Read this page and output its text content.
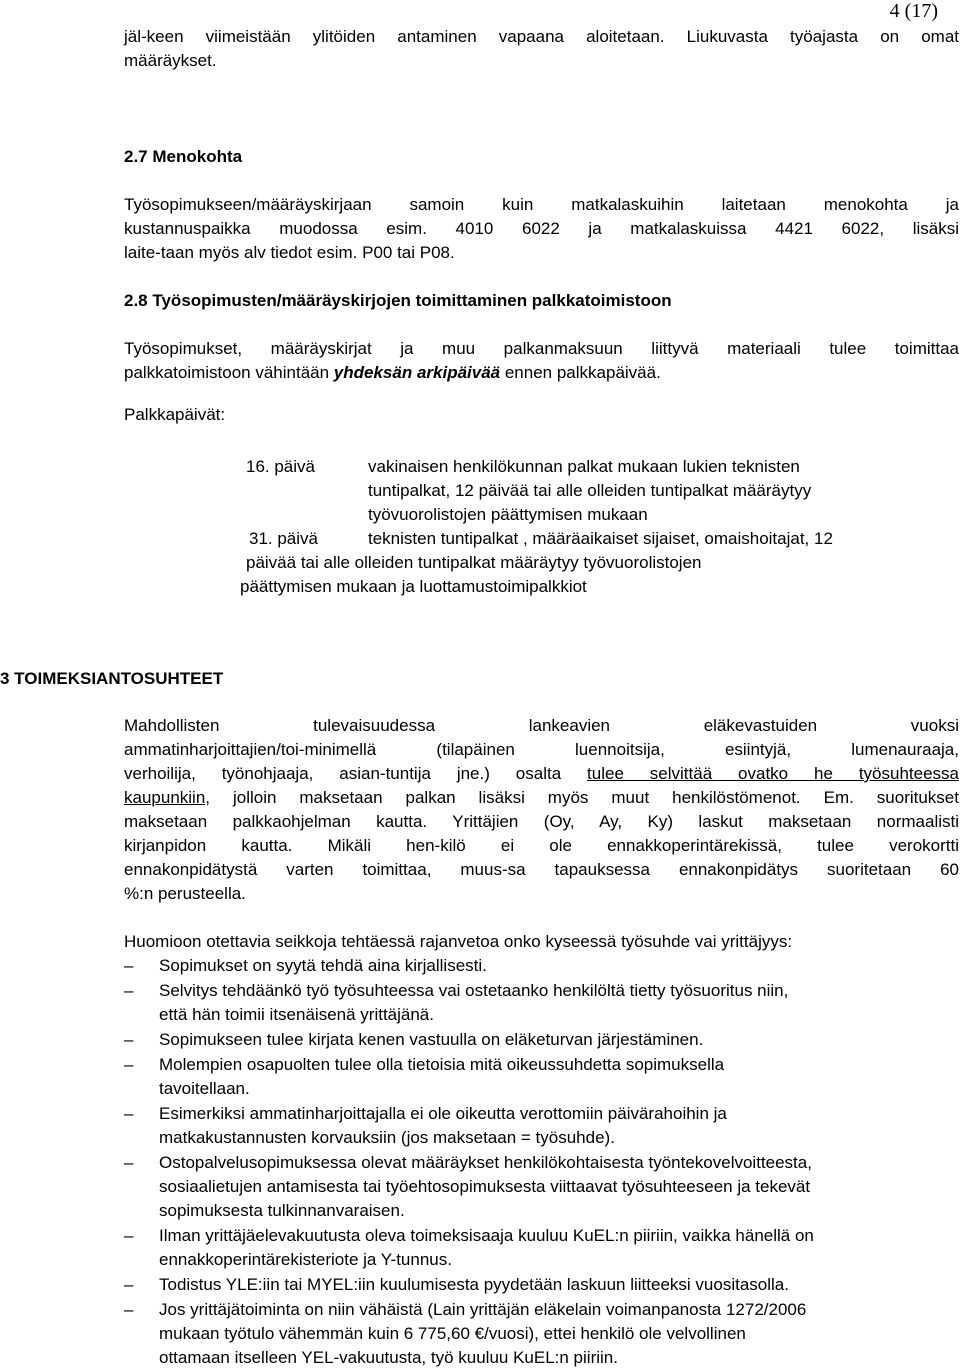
4 (17)
jäl-keen viimeistään ylitöiden antaminen vapaana aloitetaan. Liukuvasta työajasta on omat
määräykset.
2.7 Menokohta
Työsopimukseen/määräyskirjaan samoin kuin matkalaskuihin laitetaan menokohta ja
kustannuspaikka muodossa esim. 4010 6022 ja matkalaskuissa 4421 6022, lisäksi
laite-taan myös alv tiedot esim. P00 tai P08.
2.8 Työsopimusten/määräyskirjojen toimittaminen palkkatoimistoon
Työsopimukset, määräyskirjat ja muu palkanmaksuun liittyvä materiaali tulee toimittaa
palkkatoimistoon vähintään yhdeksän arkipäivää ennen palkkapäivää.
Palkkapäivät:
16. päivä	vakinaisen henkilökunnan palkat mukaan lukien teknisten
tuntipalkat, 12 päivää tai alle olleiden tuntipalkat määräytyy
työvuorolistojen päättymisen mukaan
31. päivä	teknisten tuntipalkat , määräaikaiset sijaiset, omaishoitajat, 12
päivää tai alle olleiden tuntipalkat määräytyy työvuorolistojen
päättymisen mukaan ja luottamustoimipalkkiot
3 TOIMEKSIANTOSUHTEET
Mahdollisten tulevaisuudessa lankeavien eläkevastuiden vuoksi
ammatinharjoittajien/toi-minimellä (tilapäinen luennoitsija, esiintyjä, lumenauraaja,
verhoilija, työnohjaaja, asian-tuntija jne.) osalta tulee selvittää ovatko he työsuhteessa
kaupunkiin, jolloin maksetaan palkan lisäksi myös muut henkilöstömenot. Em. suoritukset
maksetaan palkkaohjelman kautta. Yrittäjien (Oy, Ay, Ky) laskut maksetaan normaalisti
kirjanpidon kautta. Mikäli hen-kilö ei ole ennakkoperintärekissä, tulee verokortti
ennakonpidätystä varten toimittaa, muus-sa tapauksessa ennakonpidätys suoritetaan 60
%:n perusteella.
Huomioon otettavia seikkoja tehtäessä rajanvetoa onko kyseessä työsuhde vai yrittäjyys:
–	Sopimukset on syytä tehdä aina kirjallisesti.
–	Selvitys tehdäänkö työ työsuhteessa vai ostetaanko henkilöltä tietty työsuoritus niin,
että hän toimii itsenäisenä yrittäjänä.
–	Sopimukseen tulee kirjata kenen vastuulla on eläketurvan järjestäminen.
–	Molempien osapuolten tulee olla tietoisia mitä oikeussuhdetta sopimuksella
tavoitellaan.
–	Esimerkiksi ammatinharjoittajalla ei ole oikeutta verottomiin päivärahoihin ja
matkakustannusten korvauksiin (jos maksetaan = työsuhde).
–	Ostopalvelusopimuksessa olevat määräykset henkilökohtaisesta työntekovelvoitteesta,
sosiaalietujen antamisesta tai työehtosopimuksesta viittaavat työsuhteeseen ja tekevät
sopimuksesta tulkinnanvaraisen.
–	Ilman yrittäjäelevakuutusta oleva toimeksisaaja kuuluu KuEL:n piiriin, vaikka hänellä on
ennakkoperintärekisteriote ja Y-tunnus.
–	Todistus YLE:iin tai MYEL:iin kuulumisesta pyydetään laskuun liitteeksi vuositasolla.
–	Jos yrittäjätoiminta on niin vähäistä (Lain yrittäjän eläkelain voimanpanosta 1272/2006
mukaan työtulo vähemmän kuin 6 775,60 €/vuosi), ettei henkilö ole velvollinen
ottamaan itselleen YEL-vakuutusta, työ kuuluu KuEL:n piiriin.
